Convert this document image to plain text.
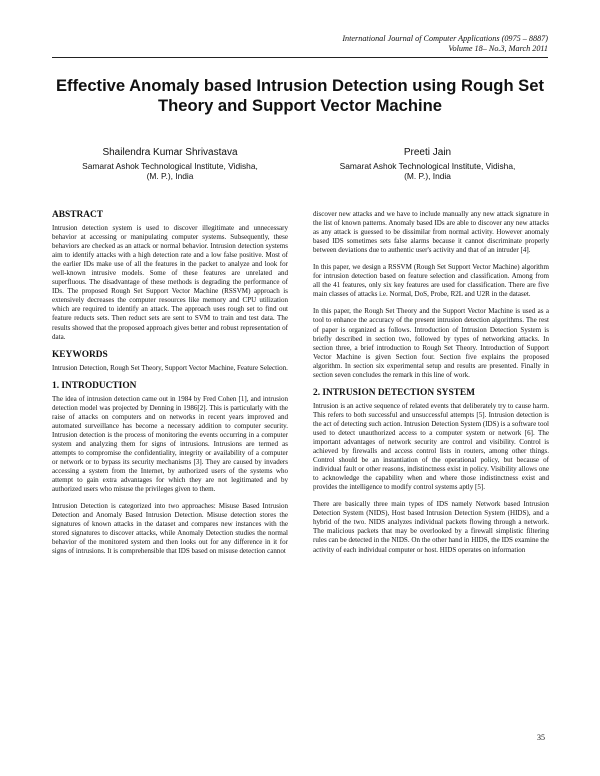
International Journal of Computer Applications (0975 – 8887)
Volume 18– No.3, March 2011
Effective Anomaly based Intrusion Detection using Rough Set Theory and Support Vector Machine
Shailendra Kumar Shrivastava
Samarat Ashok Technological Institute, Vidisha,
(M. P.), India
Preeti Jain
Samarat Ashok Technological Institute, Vidisha,
(M. P.), India
ABSTRACT

Intrusion detection system is used to discover illegitimate and unnecessary behavior at accessing or manipulating computer systems. Subsequently, these behaviors are checked as an attack or normal behavior. Intrusion detection systems aim to identify attacks with a high detection rate and a low false positive. Most of the earlier IDs make use of all the features in the packet to analyze and look for well-known intrusive models. Some of these features are unrelated and superfluous. The disadvantage of these methods is degrading the performance of IDs. The proposed Rough Set Support Vector Machine (RSSVM) approach is extensively decreases the computer resources like memory and CPU utilization which are required to identify an attack. The approach uses rough set to find out feature reducts sets. Then reduct sets are sent to SVM to train and test data. The results showed that the proposed approach gives better and robust representation of data.

KEYWORDS

Intrusion Detection, Rough Set Theory, Support Vector Machine, Feature Selection.

1. INTRODUCTION

The idea of intrusion detection came out in 1984 by Fred Cohen [1], and intrusion detection model was projected by Denning in 1986[2]. This is particularly with the raise of attacks on computers and on networks in recent years improved and automated surveillance has become a necessary addition to computer security. Intrusion detection is the process of monitoring the events occurring in a computer system and analyzing them for signs of intrusions. Intrusions are termed as attempts to compromise the confidentiality, integrity or availability of a computer or network or to bypass its security mechanisms [3]. They are caused by invaders accessing a system from the Internet, by authorized users of the systems who attempt to gain extra advantages for which they are not legitimated and by authorized users who misuse the privileges given to them.

Intrusion Detection is categorized into two approaches: Misuse Based Intrusion Detection and Anomaly Based Intrusion Detection. Misuse detection stores the signatures of known attacks in the dataset and compares new instances with the stored signatures to discover attacks, while Anomaly Detection studies the normal behavior of the monitored system and then looks out for any difference in it for signs of intrusions. It is comprehensible that IDS based on misuse detection cannot

discover new attacks and we have to include manually any new attack signature in the list of known patterns. Anomaly based IDs are able to discover any new attacks as any attack is guessed to be dissimilar from normal activity. However anomaly based IDS sometimes sets false alarms because it cannot discriminate properly between deviations due to authentic user's activity and that of an intruder [4].

In this paper, we design a RSSVM (Rough Set Support Vector Machine) algorithm for intrusion detection based on feature selection and classification. Among from all the 41 features, only six key features are used for classification. There are five main classes of attacks i.e. Normal, DoS, Probe, R2L and U2R in the dataset.

In this paper, the Rough Set Theory and the Support Vector Machine is used as a tool to enhance the accuracy of the present intrusion detection algorithms. The rest of paper is organized as follows. Introduction of Intrusion Detection System is briefly described in section two, followed by types of networking attacks. In section three, a brief introduction to Rough Set Theory. Introduction of Support Vector Machine is given Section four. Section five explains the proposed algorithm. In section six experimental setup and results are presented. Finally in section seven concludes the remark in this line of work.

2. INTRUSION DETECTION SYSTEM

Intrusion is an active sequence of related events that deliberately try to cause harm. This refers to both successful and unsuccessful attempts [5]. Intrusion detection is the act of detecting such action. Intrusion Detection System (IDS) is a software tool used to detect unauthorized access to a computer system or network [6]. The important advantages of network security are control and visibility. Control is achieved by firewalls and access control lists in routers, among other things. Control should be an instantiation of the operational policy, but because of individual fault or other reasons, indistinctness exist in policy. Visibility allows one to acknowledge the capability when and where those indistinctness exist and provides the intelligence to modify control systems aptly [5].

There are basically three main types of IDS namely Network based Intrusion Detection System (NIDS), Host based Intrusion Detection System (HIDS), and a hybrid of the two. NIDS analyzes individual packets flowing through a network. The malicious packets that may be overlooked by a firewall simplistic filtering rules can be detected in the NIDS. On the other hand in HIDS, the IDS examine the activity of each individual computer or host. HIDS operates on information

35
